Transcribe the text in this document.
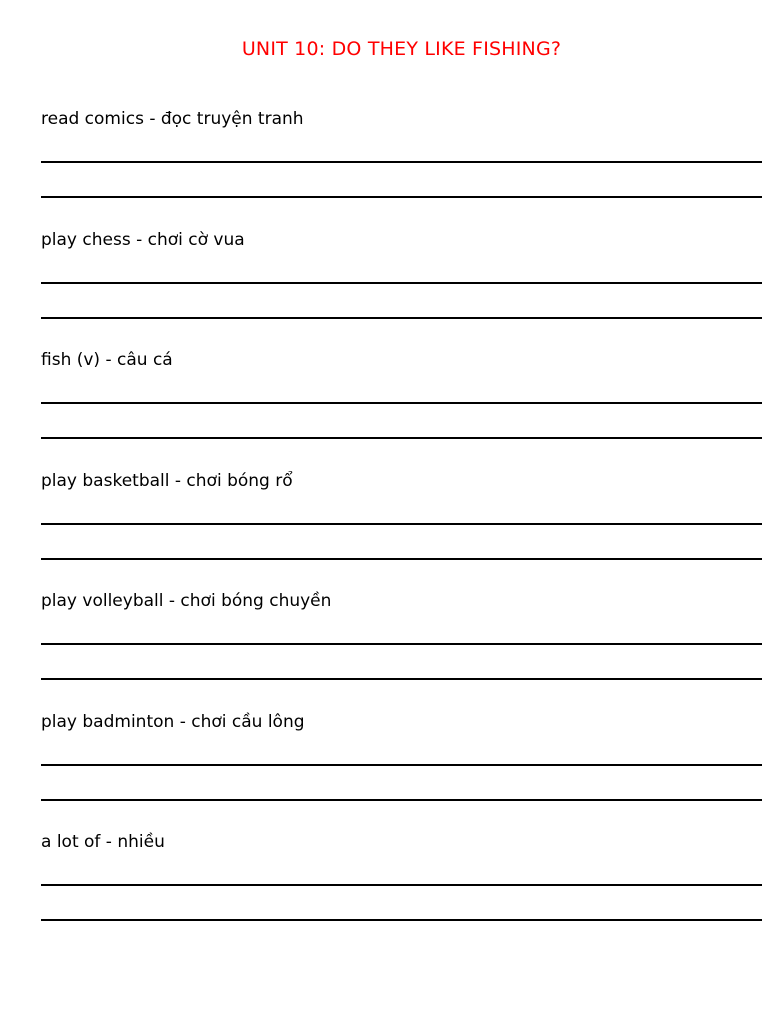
UNIT 10: DO THEY LIKE FISHING?
read comics - đọc truyện tranh
play chess - chơi cờ vua
fish (v) - câu cá
play basketball - chơi bóng rổ
play volleyball - chơi bóng chuyền
play badminton - chơi cầu lông
a lot of - nhiều
